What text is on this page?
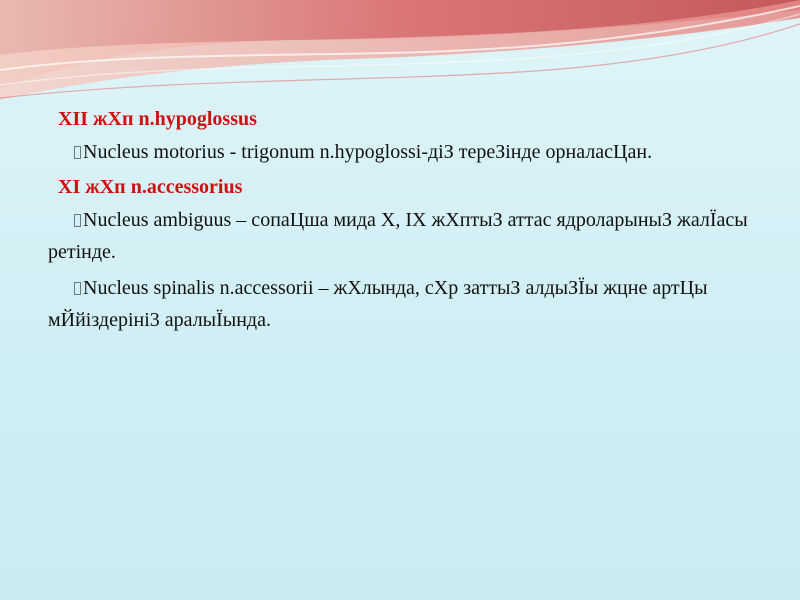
XII жХп n.hypoglossus

Nucleus motorius - trigonum n.hypoglossi-діЗ тереЗінде орналасЦан.

XI жХп n.accessorius

Nucleus ambiguus – сопаЦша мида X, IX жХптыЗ аттас ядроларыныЗ жалЇасы ретінде.

Nucleus spinalis n.accessorii – жХлында, сХр заттыЗ алдыЗЇы жцне артЦы мЙйіздеріні3 аралыЇында.
